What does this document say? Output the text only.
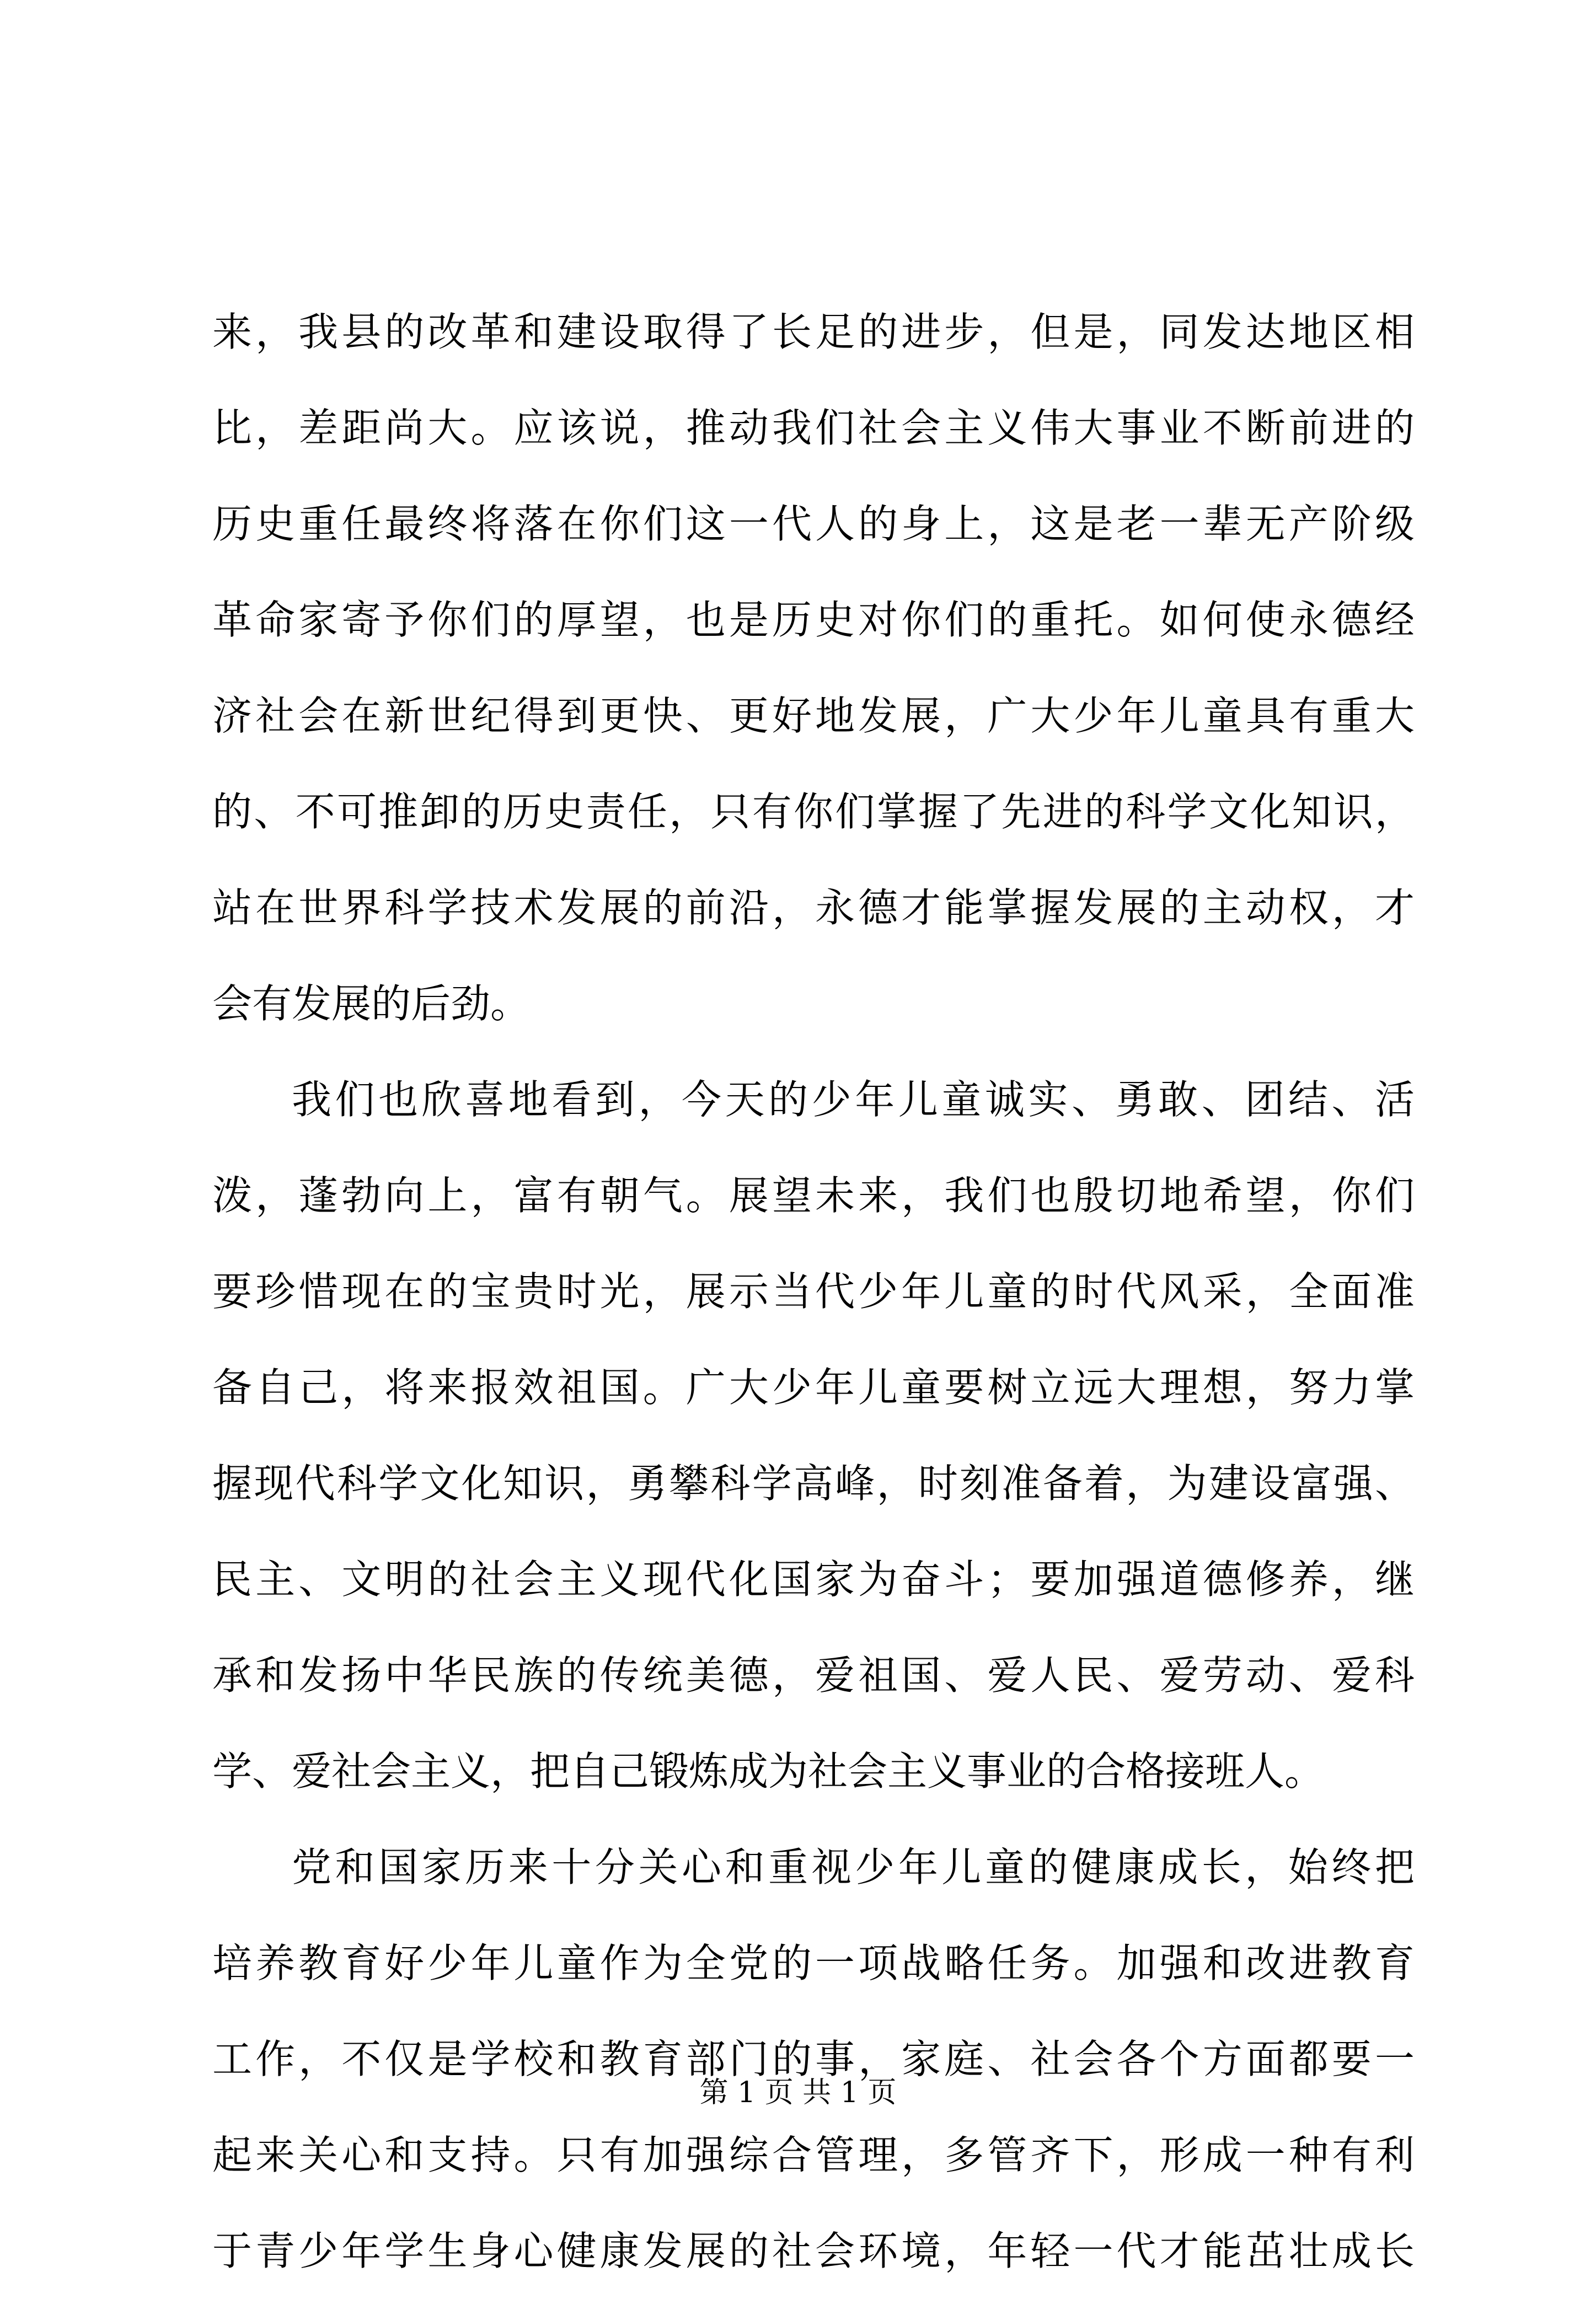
来，我县的改革和建设取得了长足的进步，但是，同发达地区相
比，差距尚大。应该说，推动我们社会主义伟大事业不断前进的
历史重任最终将落在你们这一代人的身上，这是老一辈无产阶级
革命家寄予你们的厚望，也是历史对你们的重托。如何使永德经
济社会在新世纪得到更快、更好地发展，广大少年儿童具有重大
的、不可推卸的历史责任，只有你们掌握了先进的科学文化知识，
站在世界科学技术发展的前沿，永德才能掌握发展的主动权，才
会有发展的后劲。
我们也欣喜地看到，今天的少年儿童诚实、勇敢、团结、活
泼，蓬勃向上，富有朝气。展望未来，我们也殷切地希望，你们
要珍惜现在的宝贵时光，展示当代少年儿童的时代风采，全面准
备自己，将来报效祖国。广大少年儿童要树立远大理想，努力掌
握现代科学文化知识，勇攀科学高峰，时刻准备着，为建设富强、
民主、文明的社会主义现代化国家为奋斗；要加强道德修养，继
承和发扬中华民族的传统美德，爱祖国、爱人民、爱劳动、爱科
学、爱社会主义，把自己锻炼成为社会主义事业的合格接班人。
党和国家历来十分关心和重视少年儿童的健康成长，始终把
培养教育好少年儿童作为全党的一项战略任务。加强和改进教育
工作，不仅是学校和教育部门的事，家庭、社会各个方面都要一
起来关心和支持。只有加强综合管理，多管齐下，形成一种有利
于青少年学生身心健康发展的社会环境，年轻一代才能茁壮成长
第 1 页 共 1 页
